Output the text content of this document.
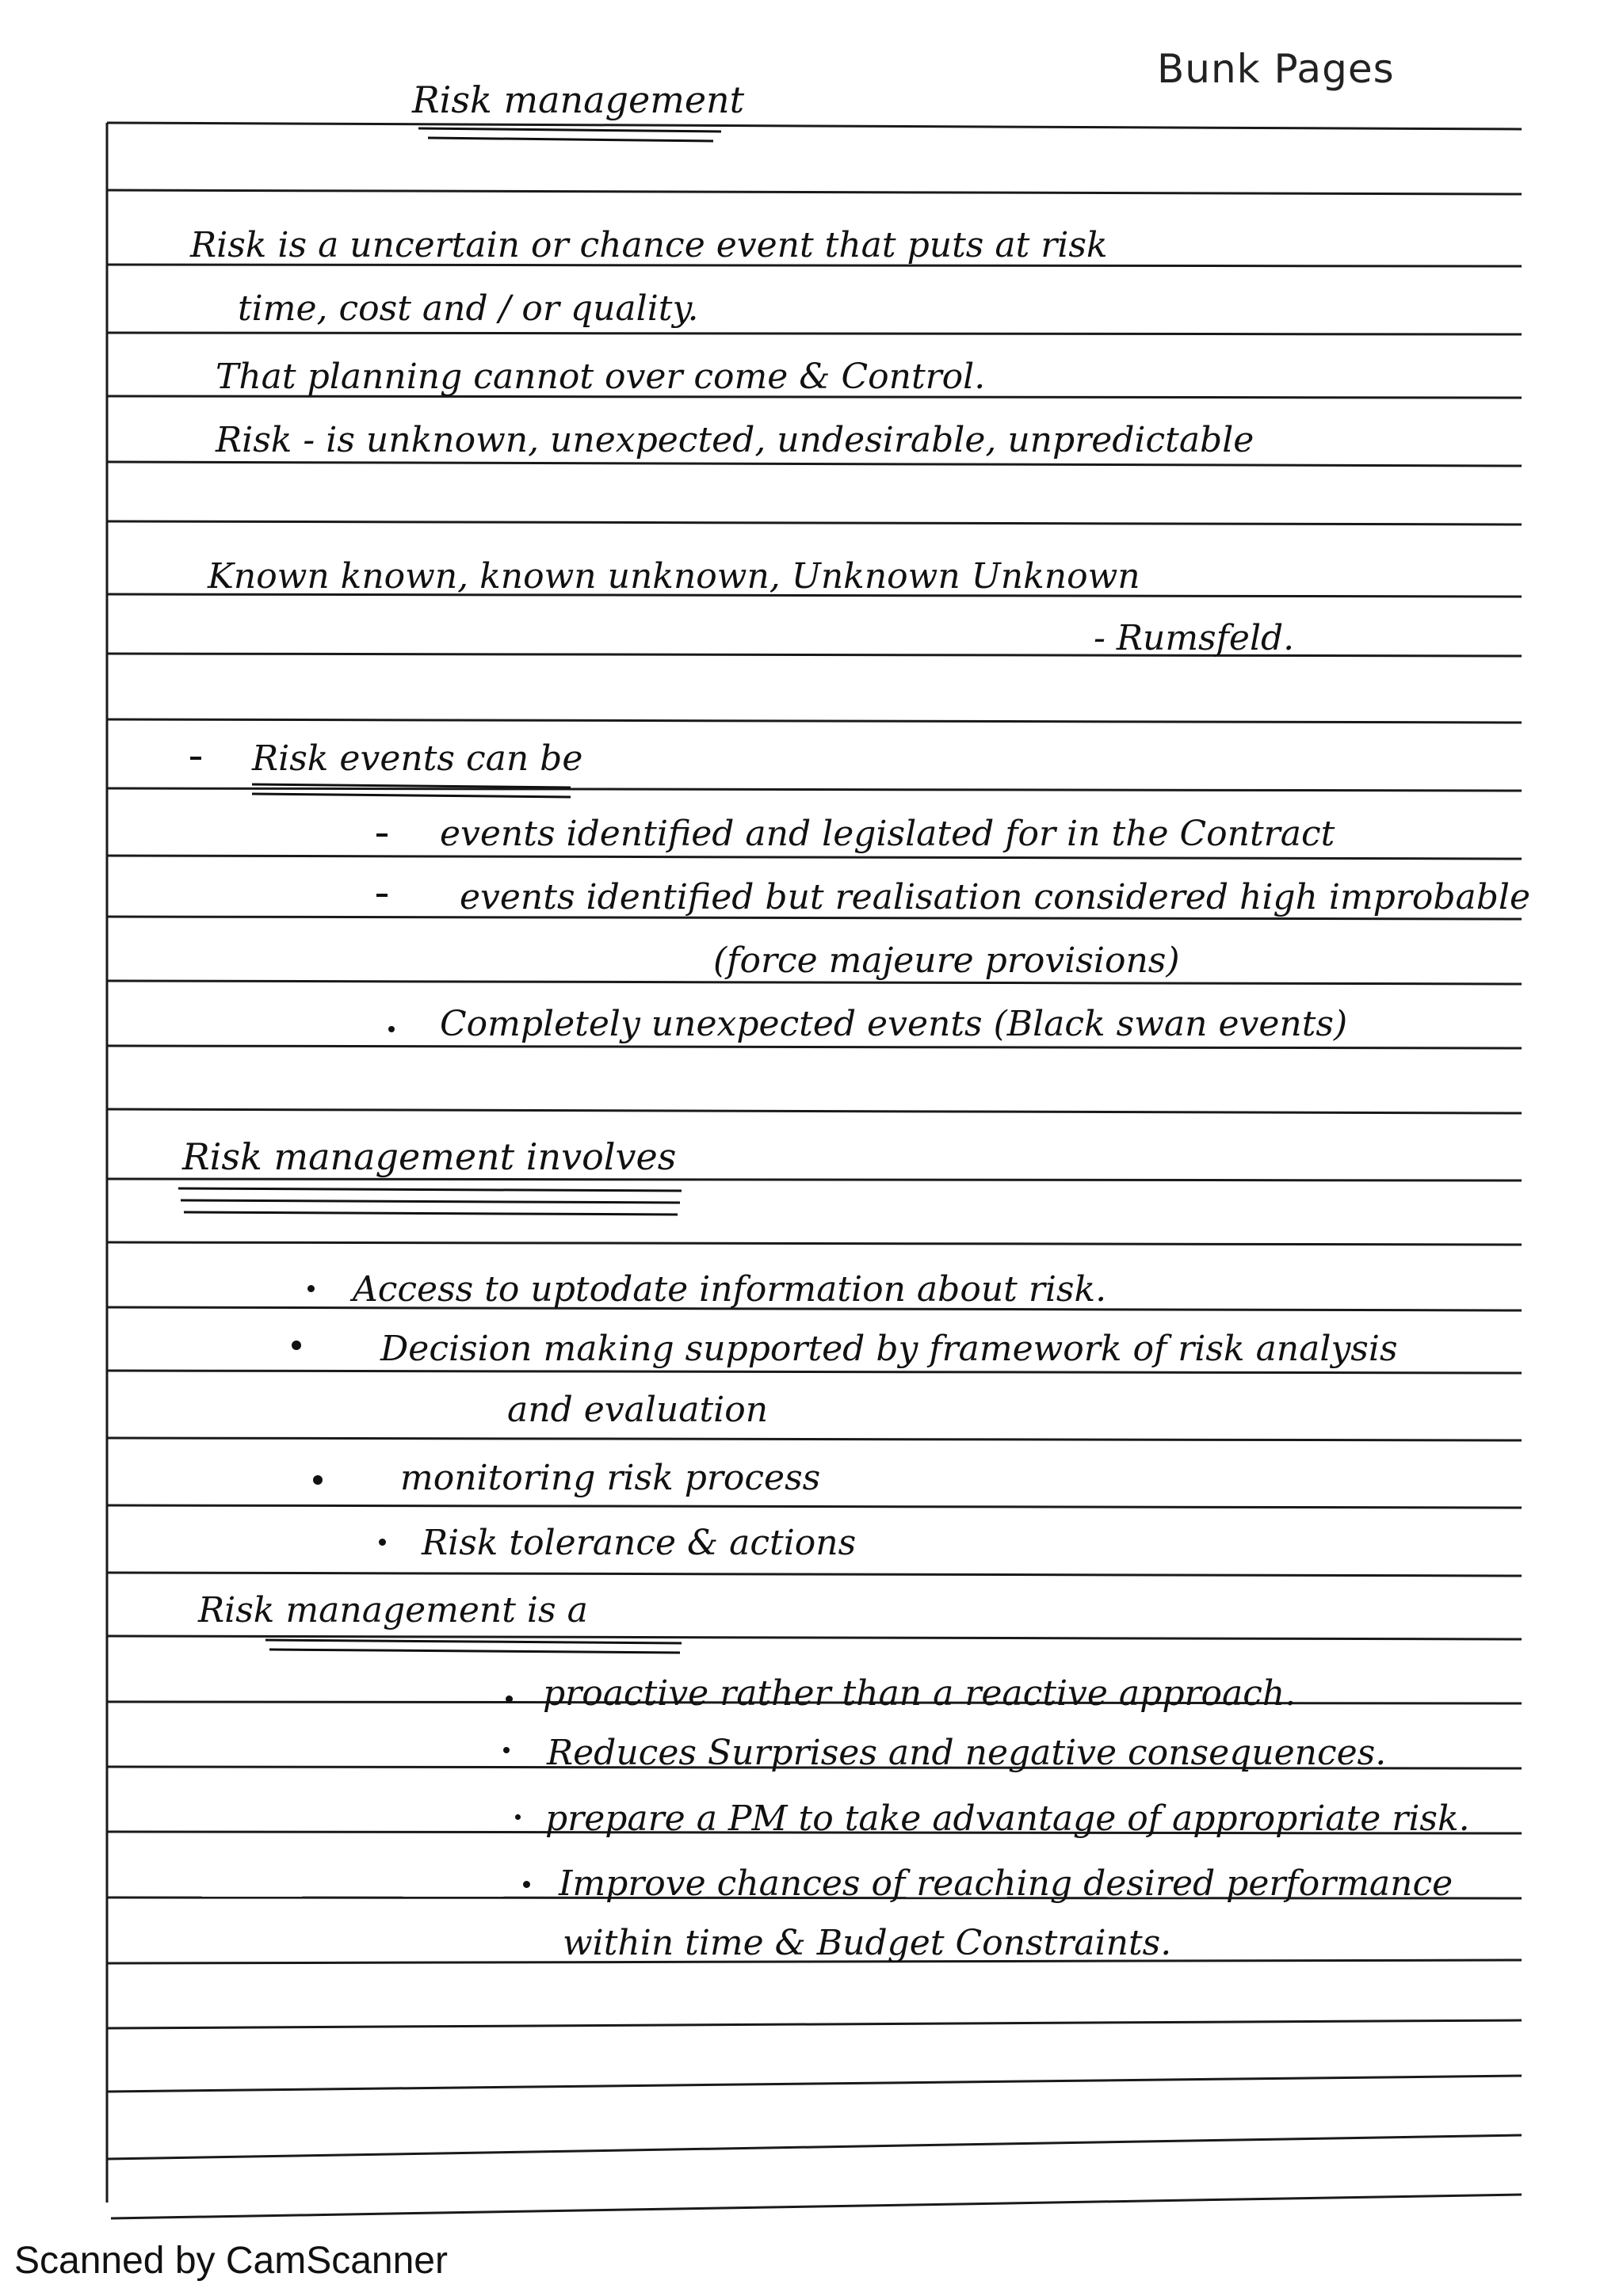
Bunk Pages
Risk management
Risk is a uncertain or chance event that puts at risk
time, cost and / or quality.
That planning cannot over come & Control.
Risk - is unknown, unexpected, undesirable, unpredictable
Known known, known unknown, Unknown Unknown
- Rumsfeld.
Risk events can be
events identified and legislated for in the Contract
events identified but realisation considered high improbable
(force majeure provisions)
Completely unexpected events (Black swan events)
Risk management involves
Access to uptodate information about risk.
Decision making supported by framework of risk analysis
and evaluation
monitoring risk process
Risk tolerance & actions
Risk management is a
proactive rather than a reactive approach.
Reduces Surprises and negative consequences.
prepare a PM to take advantage of appropriate risk.
Improve chances of reaching desired performance
within time & Budget Constraints.
Scanned by CamScanner
